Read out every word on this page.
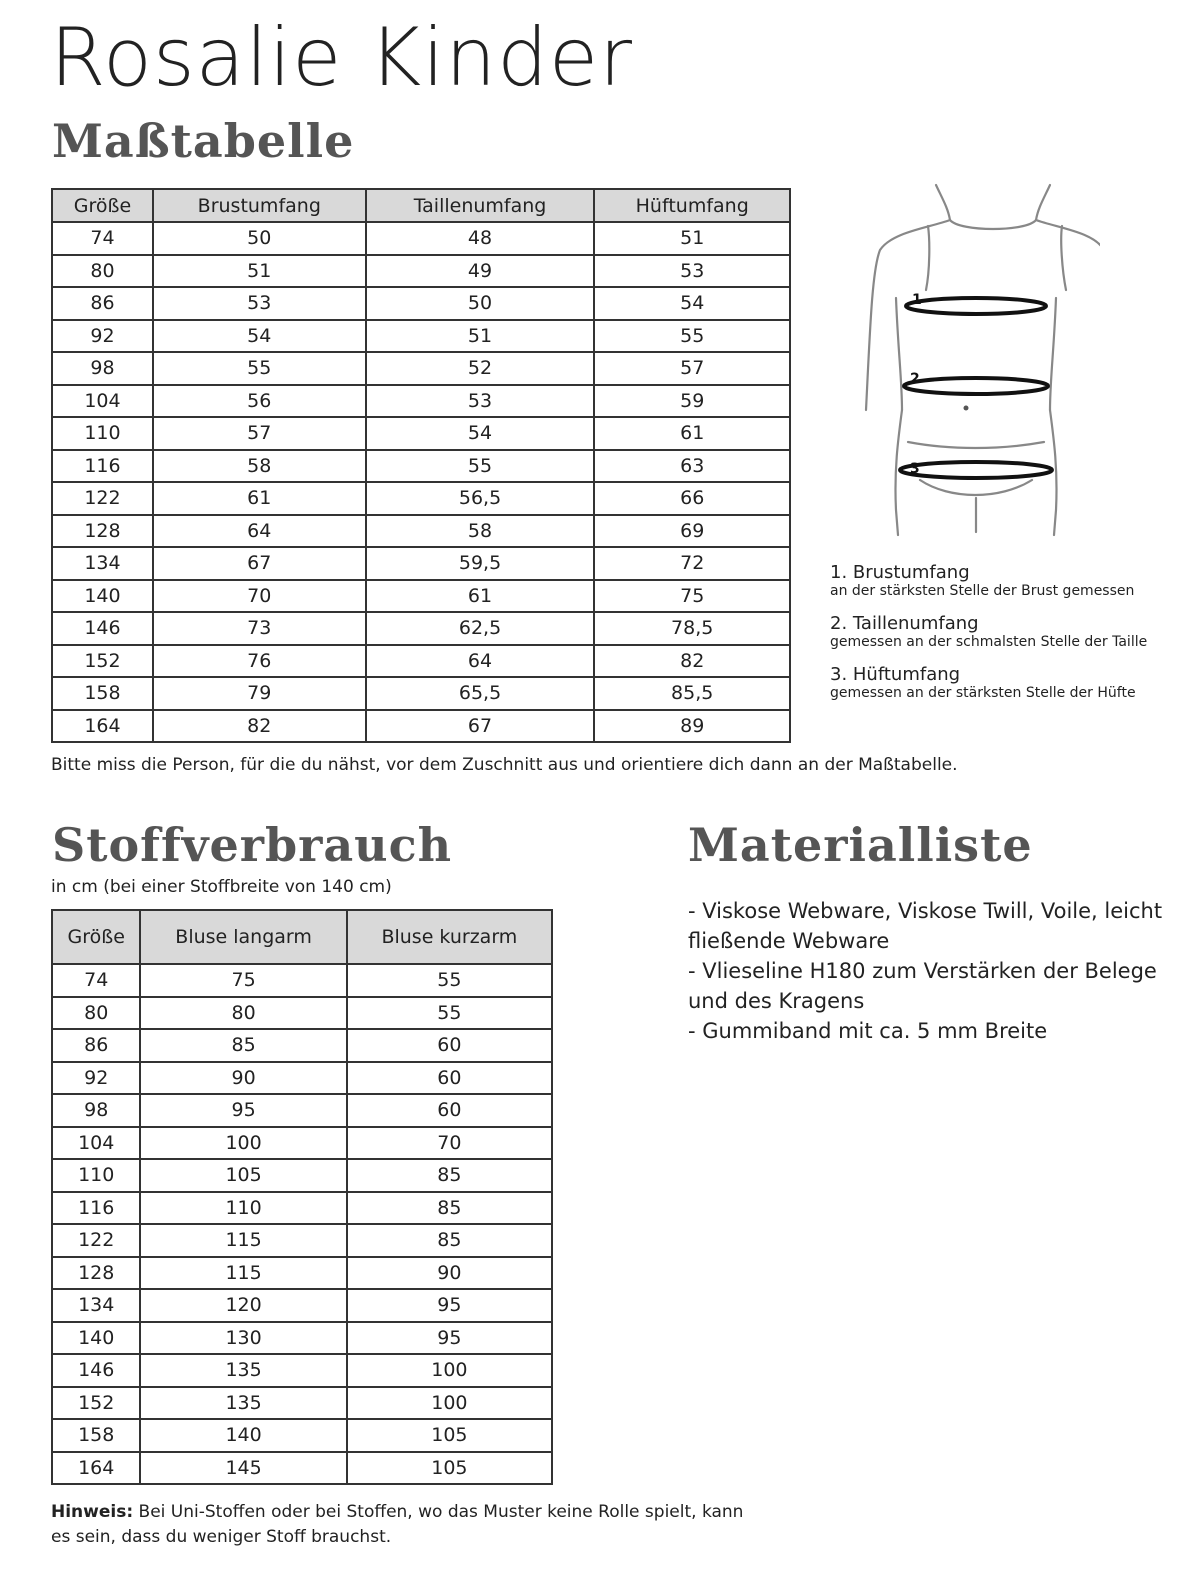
Rosalie Kinder
Maßtabelle
Größe	Brustumfang	Taillenumfang	Hüftumfang
74	50	48	51
80	51	49	53
86	53	50	54
92	54	51	55
98	55	52	57
104	56	53	59
110	57	54	61
116	58	55	63
122	61	56,5	66
128	64	58	69
134	67	59,5	72
140	70	61	75
146	73	62,5	78,5
152	76	64	82
158	79	65,5	85,5
164	82	67	89
Bitte miss die Person, für die du nähst, vor dem Zuschnitt aus und orientiere dich dann an der Maßtabelle.
1
2
3
1. Brustumfang
an der stärksten Stelle der Brust gemessen
2. Taillenumfang
gemessen an der schmalsten Stelle der Taille
3. Hüftumfang
gemessen an der stärksten Stelle der Hüfte
Stoffverbrauch
in cm (bei einer Stoffbreite von 140 cm)
Größe	Bluse langarm	Bluse kurzarm
74	75	55
80	80	55
86	85	60
92	90	60
98	95	60
104	100	70
110	105	85
116	110	85
122	115	85
128	115	90
134	120	95
140	130	95
146	135	100
152	135	100
158	140	105
164	145	105
Materialliste
- Viskose Webware, Viskose Twill, Voile, leicht fließende Webware
- Vlieseline H180 zum Verstärken der Belege und des Kragens
- Gummiband mit ca. 5 mm Breite
Hinweis: Bei Uni-Stoffen oder bei Stoffen, wo das Muster keine Rolle spielt, kann es sein, dass du weniger Stoff brauchst.
